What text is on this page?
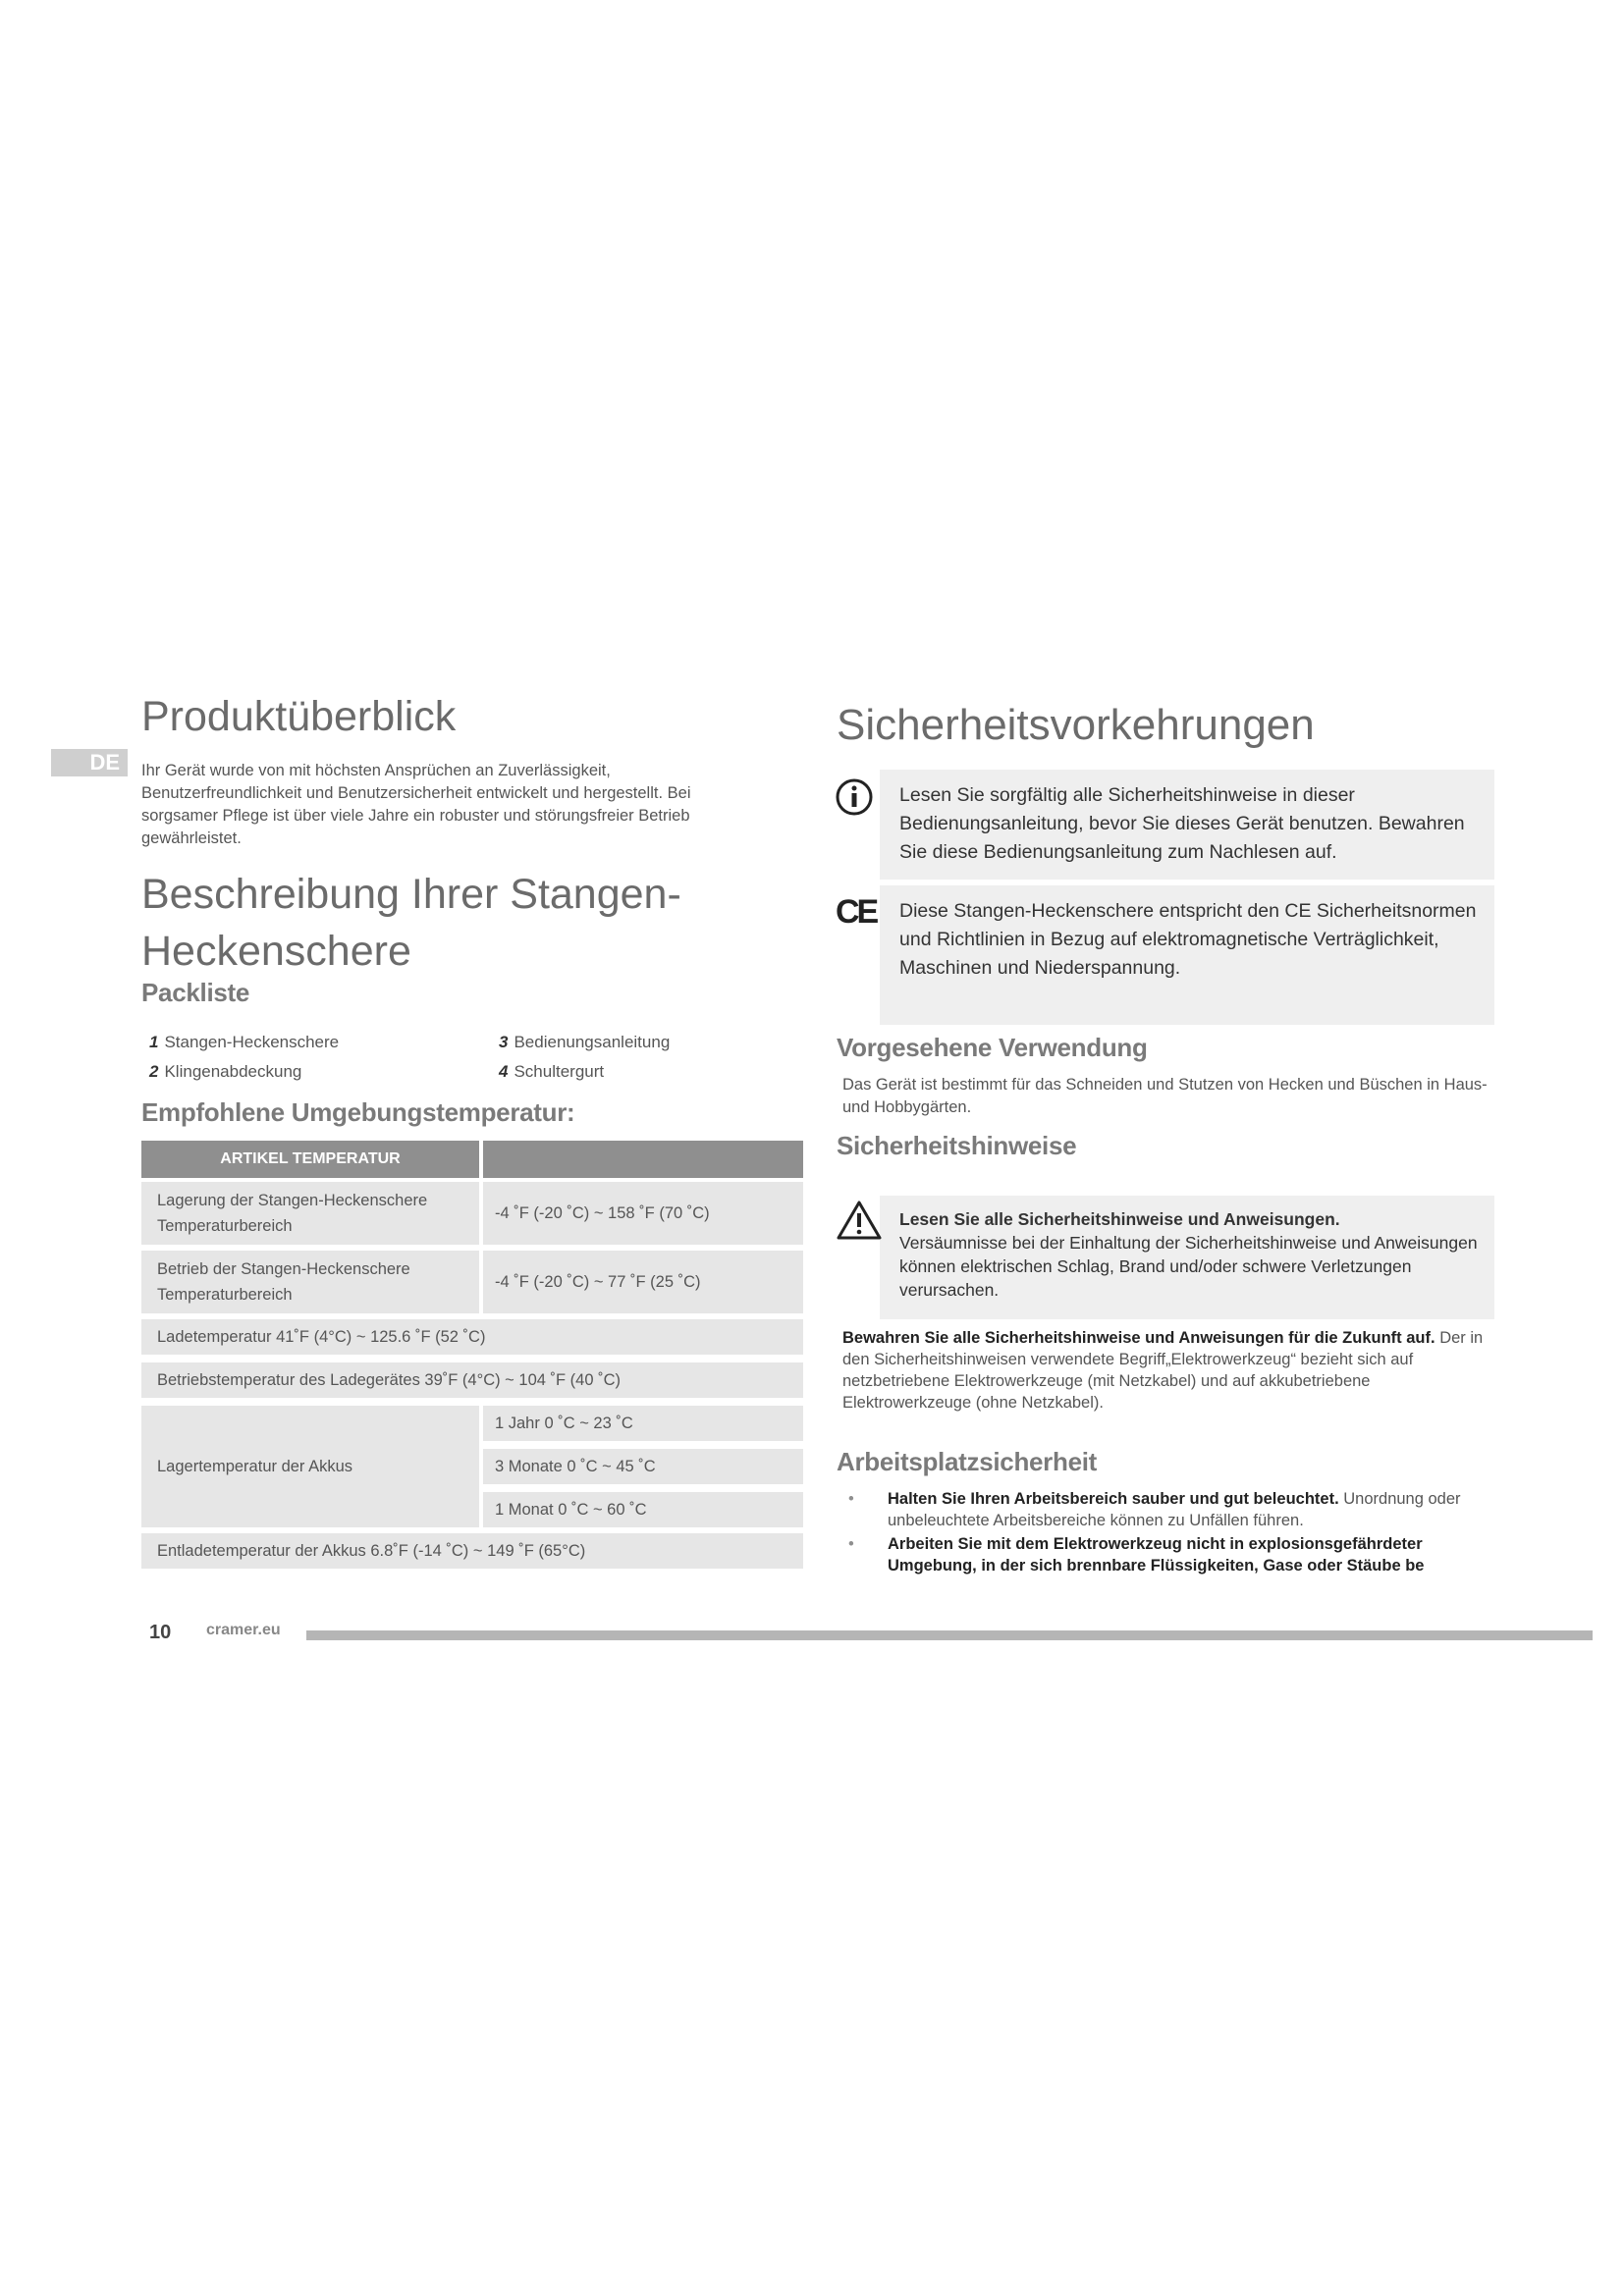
DE
Produktüberblick
Ihr Gerät wurde von mit höchsten Ansprüchen an Zuverlässigkeit, Benutzerfreundlichkeit und Benutzersicherheit entwickelt und hergestellt. Bei sorgsamer Pflege ist über viele Jahre ein robuster und störungsfreier Betrieb gewährleistet.
Beschreibung Ihrer Stangen-
Heckenschere
Packliste
1 Stangen-Heckenschere
2 Klingenabdeckung
3 Bedienungsanleitung
4 Schultergurt
Empfohlene Umgebungstemperatur:
ARTIKEL TEMPERATUR
Lagerung der Stangen-Heckenschere
Temperaturbereich
-4 ˚F (-20 ˚C) ~ 158 ˚F (70 ˚C)
Betrieb der Stangen-Heckenschere
Temperaturbereich
-4 ˚F (-20 ˚C) ~ 77 ˚F (25 ˚C)
Ladetemperatur 41˚F (4°C) ~ 125.6 ˚F (52 ˚C)
Betriebstemperatur des Ladegerätes 39˚F (4°C) ~ 104 ˚F (40 ˚C)
Lagertemperatur der Akkus
1 Jahr 0 ˚C ~ 23 ˚C
3 Monate 0 ˚C ~ 45 ˚C
1 Monat 0 ˚C ~ 60 ˚C
Entladetemperatur der Akkus 6.8˚F (-14 ˚C) ~ 149 ˚F (65°C)
Sicherheitsvorkehrungen
Lesen Sie sorgfältig alle Sicherheitshinweise in dieser Bedienungsanleitung, bevor Sie dieses Gerät benutzen. Bewahren Sie diese Bedienungsanleitung zum Nachlesen auf.
CE Diese Stangen-Heckenschere entspricht den CE Sicherheitsnormen und Richtlinien in Bezug auf elektromagnetische Verträglichkeit, Maschinen und Niederspannung.
Vorgesehene Verwendung
Das Gerät ist bestimmt für das Schneiden und Stutzen von Hecken und Büschen in Haus- und Hobbygärten.
Sicherheitshinweise
Lesen Sie alle Sicherheitshinweise und Anweisungen.
Versäumnisse bei der Einhaltung der Sicherheitshinweise und Anweisungen können elektrischen Schlag, Brand und/oder schwere Verletzungen verursachen.
Bewahren Sie alle Sicherheitshinweise und Anweisungen für die Zukunft auf. Der in den Sicherheitshinweisen verwendete Begriff„Elektrowerkzeug“ bezieht sich auf netzbetriebene Elektrowerkzeuge (mit Netzkabel) und auf akkubetriebene Elektrowerkzeuge (ohne Netzkabel).
Arbeitsplatzsicherheit
• Halten Sie Ihren Arbeitsbereich sauber und gut beleuchtet. Unordnung oder unbeleuchtete Arbeitsbereiche können zu Unfällen führen.
• Arbeiten Sie mit dem Elektrowerkzeug nicht in explosionsgefährdeter Umgebung, in der sich brennbare Flüssigkeiten, Gase oder Stäube be
10 cramer.eu
